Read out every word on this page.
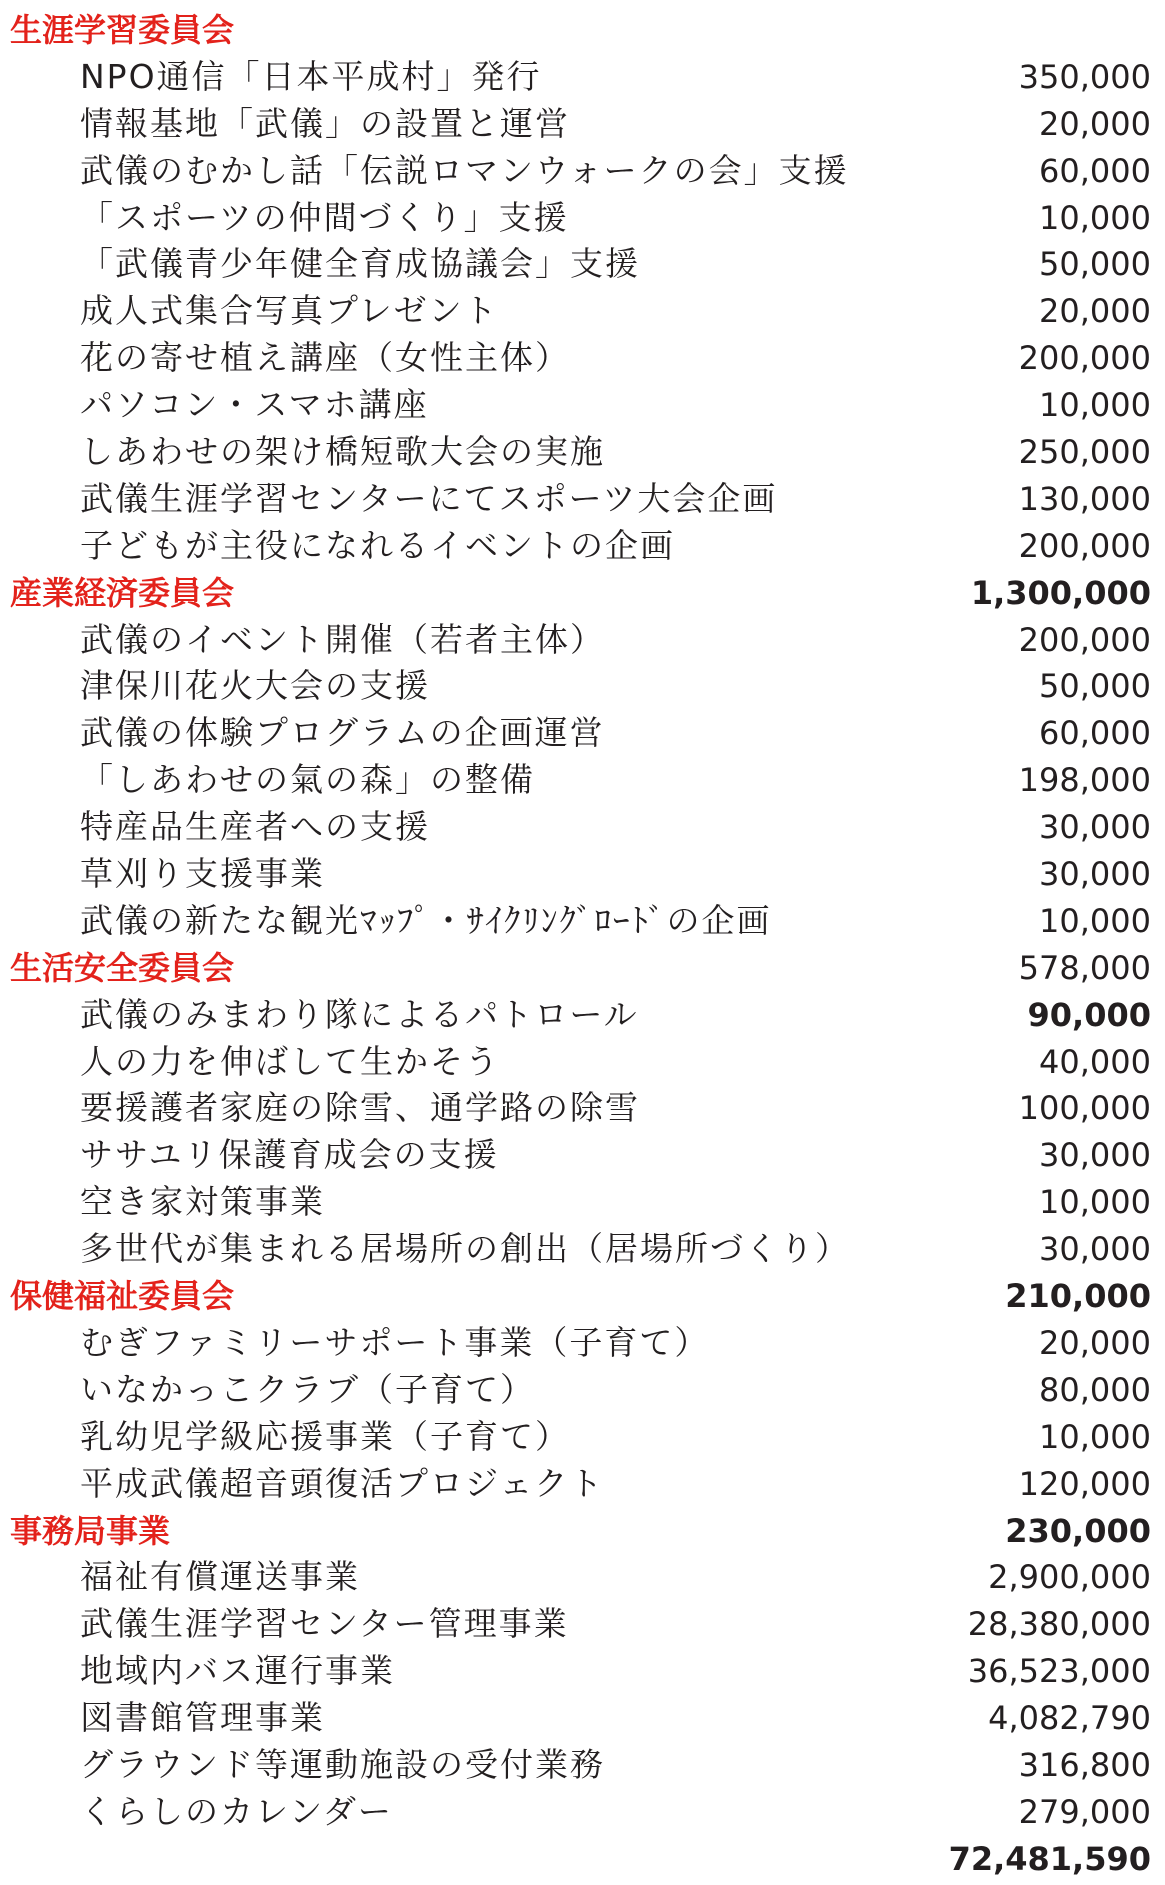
生涯学習委員会
NPO通信「日本平成村」発行	350,000
情報基地「武儀」の設置と運営	20,000
武儀のむかし話「伝説ロマンウォークの会」支援	60,000
「スポーツの仲間づくり」支援	10,000
「武儀青少年健全育成協議会」支援	50,000
成人式集合写真プレゼント	20,000
花の寄せ植え講座（女性主体）	200,000
パソコン・スマホ講座	10,000
しあわせの架け橋短歌大会の実施	250,000
武儀生涯学習センターにてスポーツ大会企画	130,000
子どもが主役になれるイベントの企画	200,000
産業経済委員会	1,300,000
武儀のイベント開催（若者主体）	200,000
津保川花火大会の支援	50,000
武儀の体験プログラムの企画運営	60,000
「しあわせの氣の森」の整備	198,000
特産品生産者への支援	30,000
草刈り支援事業	30,000
武儀の新たな観光ﾏｯﾌﾟ・ｻｲｸﾘﾝｸﾞﾛｰﾄﾞの企画	10,000
生活安全委員会	578,000
武儀のみまわり隊によるパトロール	90,000
人の力を伸ばして生かそう	40,000
要援護者家庭の除雪、通学路の除雪	100,000
ササユリ保護育成会の支援	30,000
空き家対策事業	10,000
多世代が集まれる居場所の創出（居場所づくり）	30,000
保健福祉委員会	210,000
むぎファミリーサポート事業（子育て）	20,000
いなかっこクラブ（子育て）	80,000
乳幼児学級応援事業（子育て）	10,000
平成武儀超音頭復活プロジェクト	120,000
事務局事業	230,000
福祉有償運送事業	2,900,000
武儀生涯学習センター管理事業	28,380,000
地域内バス運行事業	36,523,000
図書館管理事業	4,082,790
グラウンド等運動施設の受付業務	316,800
くらしのカレンダー	279,000
72,481,590
